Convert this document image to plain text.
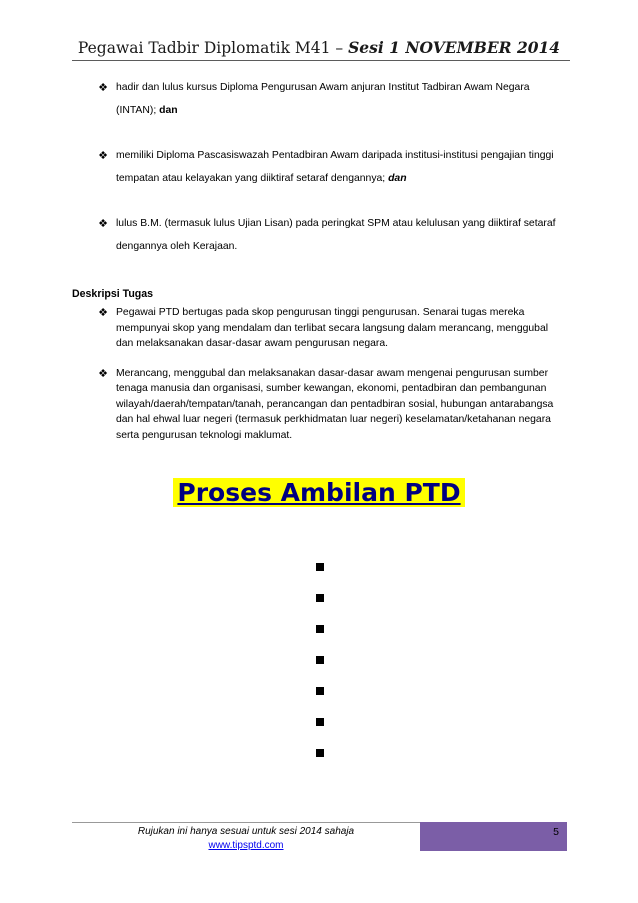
Pegawai Tadbir Diplomatik M41 – Sesi 1 NOVEMBER 2014
❖ hadir dan lulus kursus Diploma Pengurusan Awam anjuran Institut Tadbiran Awam Negara (INTAN); dan
❖ memiliki Diploma Pascasiswazah Pentadbiran Awam daripada institusi-institusi pengajian tinggi tempatan atau kelayakan yang diiktiraf setaraf dengannya; dan
❖ lulus B.M. (termasuk lulus Ujian Lisan) pada peringkat SPM atau kelulusan yang diiktiraf setaraf dengannya oleh Kerajaan.
Deskripsi Tugas
❖ Pegawai PTD bertugas pada skop pengurusan tinggi pengurusan. Senarai tugas mereka mempunyai skop yang mendalam dan terlibat secara langsung dalam merancang, menggubal dan melaksanakan dasar-dasar awam pengurusan negara.
❖ Merancang, menggubal dan melaksanakan dasar-dasar awam mengenai pengurusan sumber tenaga manusia dan organisasi, sumber kewangan, ekonomi, pentadbiran dan pembangunan wilayah/daerah/tempatan/tanah, perancangan dan pentadbiran sosial, hubungan antarabangsa dan hal ehwal luar negeri (termasuk perkhidmatan luar negeri) keselamatan/ketahanan negara serta pengurusan teknologi maklumat.
Proses Ambilan PTD
Rujukan ini hanya sesuai untuk sesi 2014 sahaja
www.tipsptd.com
5
